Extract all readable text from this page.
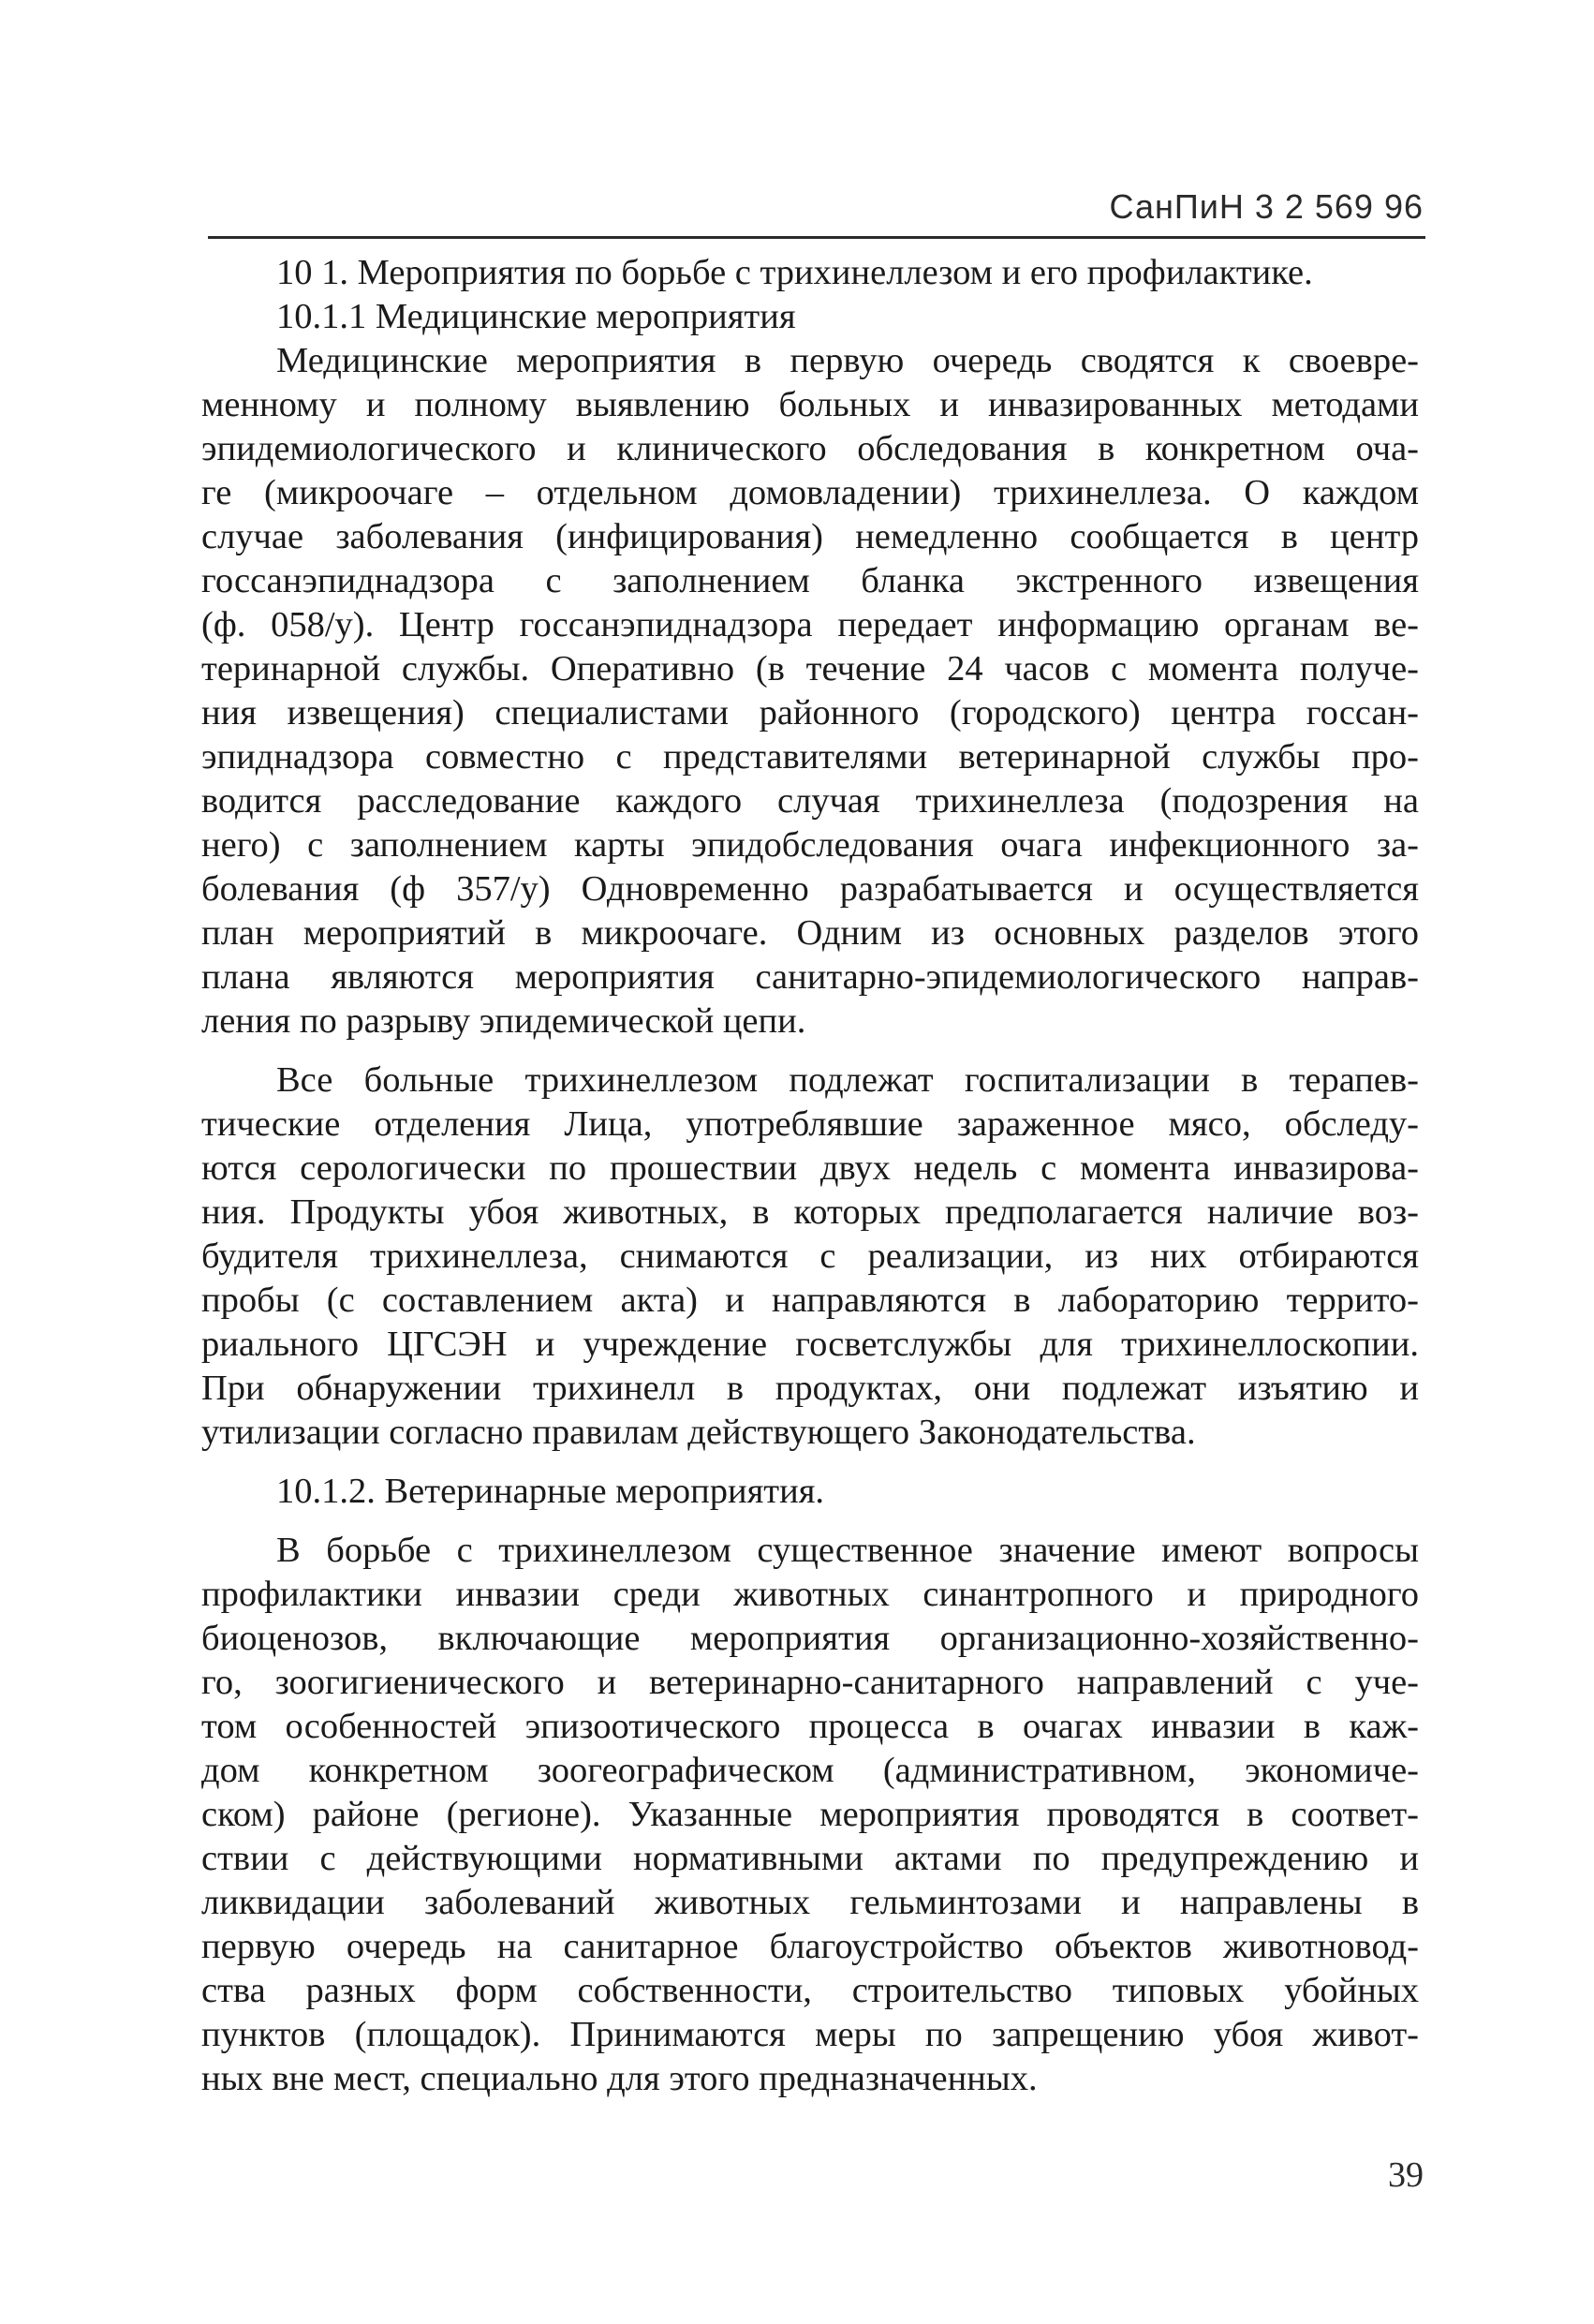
СанПиН 3 2 569 96
10 1. Мероприятия по борьбе с трихинеллезом и его профилактике.
10.1.1 Медицинские мероприятия
Медицинские мероприятия в первую очередь сводятся к своевре-
менному и полному выявлению больных и инвазированных методами
эпидемиологического и клинического обследования в конкретном оча-
ге (микроочаге – отдельном домовладении) трихинеллеза. О каждом
случае заболевания (инфицирования) немедленно сообщается в центр
госсанэпиднадзора с заполнением бланка экстренного извещения
(ф. 058/у). Центр госсанэпиднадзора передает информацию органам ве-
теринарной службы. Оперативно (в течение 24 часов с момента получе-
ния извещения) специалистами районного (городского) центра госсан-
эпиднадзора совместно с представителями ветеринарной службы про-
водится расследование каждого случая трихинеллеза (подозрения на
него) с заполнением карты эпидобследования очага инфекционного за-
болевания (ф 357/у) Одновременно разрабатывается и осуществляется
план мероприятий в микроочаге. Одним из основных разделов этого
плана являются мероприятия санитарно-эпидемиологического направ-
ления по разрыву эпидемической цепи.
Все больные трихинеллезом подлежат госпитализации в терапев-
тические отделения Лица, употреблявшие зараженное мясо, обследу-
ются серологически по прошествии двух недель с момента инвазирова-
ния. Продукты убоя животных, в которых предполагается наличие воз-
будителя трихинеллеза, снимаются с реализации, из них отбираются
пробы (с составлением акта) и направляются в лабораторию террито-
риального ЦГСЭН и учреждение госветслужбы для трихинеллоскопии.
При обнаружении трихинелл в продуктах, они подлежат изъятию и
утилизации согласно правилам действующего Законодательства.
10.1.2. Ветеринарные мероприятия.
В борьбе с трихинеллезом существенное значение имеют вопросы
профилактики инвазии среди животных синантропного и природного
биоценозов, включающие мероприятия организационно-хозяйственно-
го, зоогигиенического и ветеринарно-санитарного направлений с уче-
том особенностей эпизоотического процесса в очагах инвазии в каж-
дом конкретном зоогеографическом (административном, экономиче-
ском) районе (регионе). Указанные мероприятия проводятся в соответ-
ствии с действующими нормативными актами по предупреждению и
ликвидации заболеваний животных гельминтозами и направлены в
первую очередь на санитарное благоустройство объектов животновод-
ства разных форм собственности, строительство типовых убойных
пунктов (площадок). Принимаются меры по запрещению убоя живот-
ных вне мест, специально для этого предназначенных.
39
